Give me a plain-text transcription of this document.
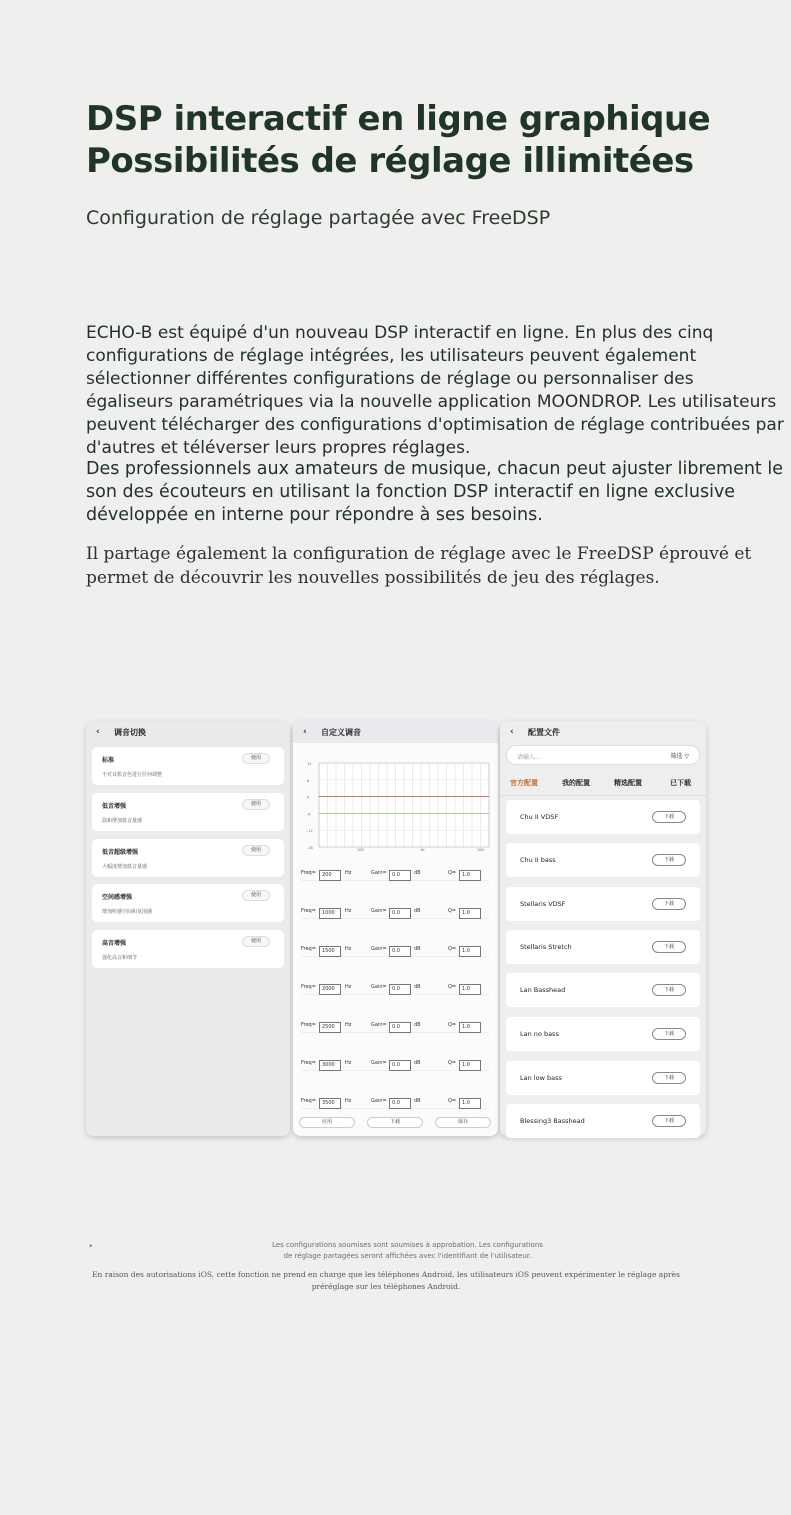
DSP interactif en ligne graphique
Possibilités de réglage illimitées
Configuration de réglage partagée avec FreeDSP

ECHO-B est équipé d'un nouveau DSP interactif en ligne. En plus des cinq configurations de réglage intégrées, les utilisateurs peuvent également sélectionner différentes configurations de réglage ou personnaliser des égaliseurs paramétriques via la nouvelle application MOONDROP. Les utilisateurs peuvent télécharger des configurations d'optimisation de réglage contribuées par d'autres et téléverser leurs propres réglages.

Des professionnels aux amateurs de musique, chacun peut ajuster librement le son des écouteurs en utilisant la fonction DSP interactif en ligne exclusive développée en interne pour répondre à ses besoins.

Il partage également la configuration de réglage avec le FreeDSP éprouvé et permet de découvrir les nouvelles possibilités de jeu des réglages.

‹	调音切换
标准
不对耳机音色进行任何调整
使用
低音增强
温和增加低音量感
使用
低音超级增强
大幅度增加低音量感
使用
空间感增强
增加听感空间和氛围感
使用
高音增强
强化高音和细节
使用
‹	自定义调音
12
6
0
-6
-12
-18	100	1K	10K
Freq=	200	Hz	Gain=	0.0	dB	Q=	1.0
Freq=	1000	Hz	Gain=	0.0	dB	Q=	1.0
Freq=	1500	Hz	Gain=	0.0	dB	Q=	1.0
Freq=	2000	Hz	Gain=	0.0	dB	Q=	1.0
Freq=	2500	Hz	Gain=	0.0	dB	Q=	1.0
Freq=	3000	Hz	Gain=	0.0	dB	Q=	1.0
Freq=	3500	Hz	Gain=	0.0	dB	Q=	1.0
应用	下载	保存
‹	配置文件
请输入...	筛选 ▽
官方配置	我的配置	精选配置	已下载
Chu II VDSF	下载
Chu II bass	下载
Stellaris VDSF	下载
Stellaris Stretch	下载
Lan Basshead	下载
Lan no bass	下载
Lan low bass	下载
Blessing3 Basshead	下载
*	Les configurations soumises sont soumises à approbation. Les configurations
de réglage partagées seront affichées avec l'identifiant de l'utilisateur.
En raison des autorisations iOS, cette fonction ne prend en charge que les téléphones Android, les utilisateurs iOS peuvent expérimenter le réglage après préréglage sur les téléphones Android.
